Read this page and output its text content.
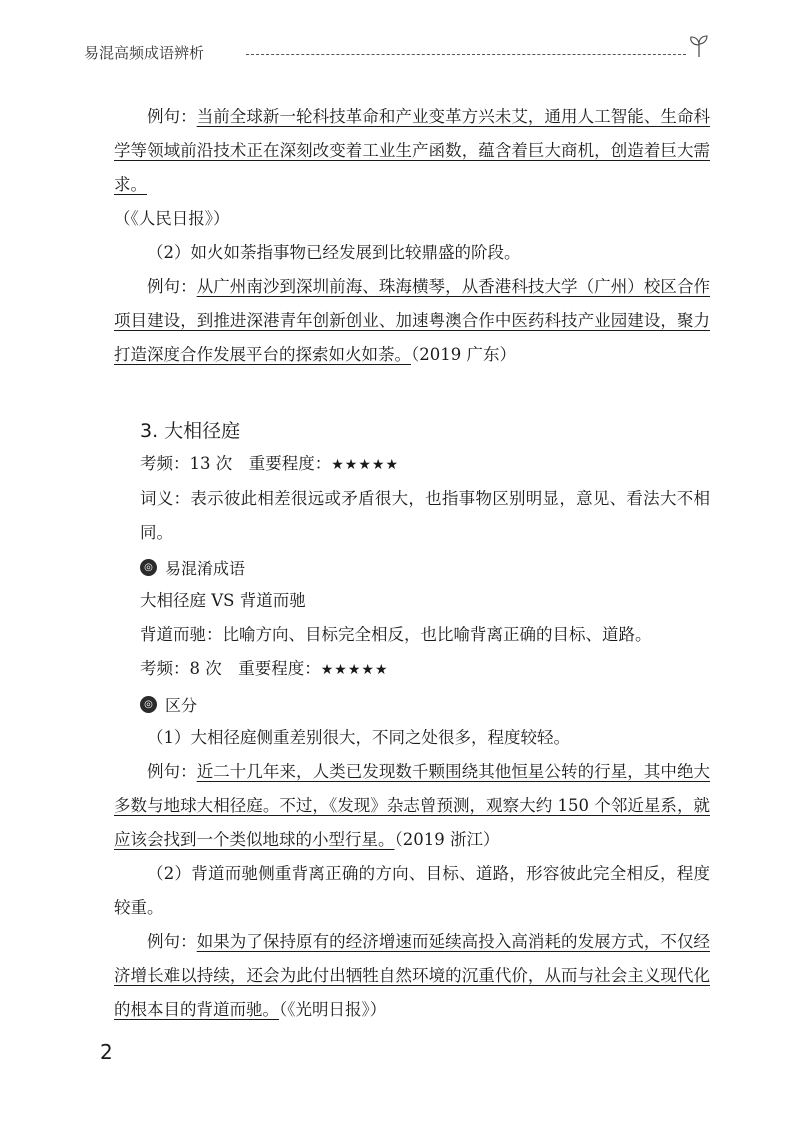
易混高频成语辨析

例句：当前全球新一轮科技革命和产业变革方兴未艾，通用人工智能、生命科学等领域前沿技术正在深刻改变着工业生产函数，蕴含着巨大商机，创造着巨大需求。

（《人民日报》）

（2）如火如荼指事物已经发展到比较鼎盛的阶段。

例句：从广州南沙到深圳前海、珠海横琴，从香港科技大学（广州）校区合作项目建设，到推进深港青年创新创业、加速粤澳合作中医药科技产业园建设，聚力打造深度合作发展平台的探索如火如荼。（2019 广东）

3. 大相径庭

考频：13 次　重要程度：★★★★★

词义：表示彼此相差很远或矛盾很大，也指事物区别明显，意见、看法大不相同。

◎ 易混淆成语

大相径庭 VS 背道而驰

背道而驰：比喻方向、目标完全相反，也比喻背离正确的目标、道路。

考频：8 次　重要程度：★★★★★

◎ 区分

（1）大相径庭侧重差别很大，不同之处很多，程度较轻。

例句：近二十几年来，人类已发现数千颗围绕其他恒星公转的行星，其中绝大多数与地球大相径庭。不过，《发现》杂志曾预测，观察大约 150 个邻近星系，就应该会找到一个类似地球的小型行星。（2019 浙江）

（2）背道而驰侧重背离正确的方向、目标、道路，形容彼此完全相反，程度较重。

例句：如果为了保持原有的经济增速而延续高投入高消耗的发展方式，不仅经济增长难以持续，还会为此付出牺牲自然环境的沉重代价，从而与社会主义现代化的根本目的背道而驰。（《光明日报》）

2
